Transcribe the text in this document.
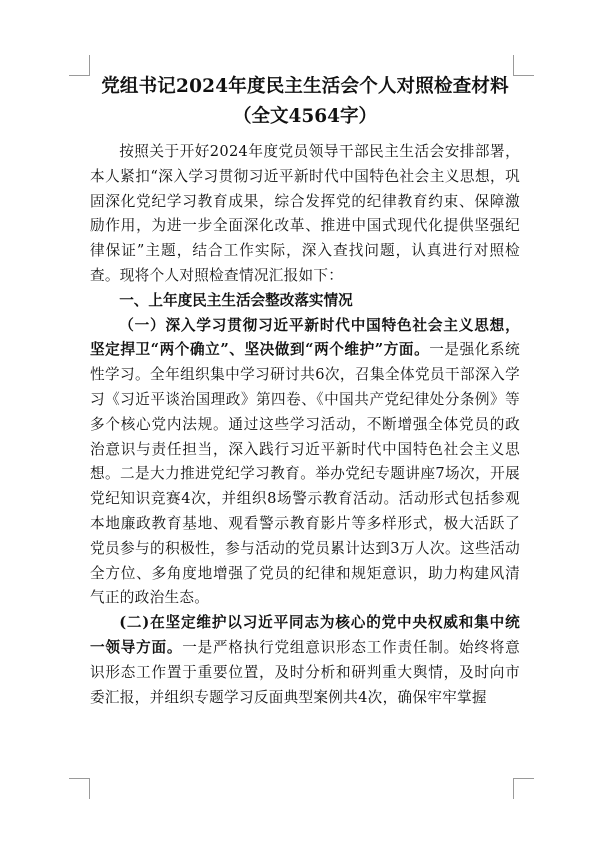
党组书记2024年度民主生活会个人对照检查材料

（全文4564字）

按照关于开好2024年度党员领导干部民主生活会安排部署，本人紧扣“深入学习贯彻习近平新时代中国特色社会主义思想，巩固深化党纪学习教育成果，综合发挥党的纪律教育约束、保障激励作用，为进一步全面深化改革、推进中国式现代化提供坚强纪律保证”主题，结合工作实际，深入查找问题，认真进行对照检查。现将个人对照检查情况汇报如下：

一、上年度民主生活会整改落实情况

（一）深入学习贯彻习近平新时代中国特色社会主义思想，坚定捍卫“两个确立”、坚决做到“两个维护”方面。一是强化系统性学习。全年组织集中学习研讨共6次，召集全体党员干部深入学习《习近平谈治国理政》第四卷、《中国共产党纪律处分条例》等多个核心党内法规。通过这些学习活动，不断增强全体党员的政治意识与责任担当，深入践行习近平新时代中国特色社会主义思想。二是大力推进党纪学习教育。举办党纪专题讲座7场次，开展党纪知识竞赛4次，并组织8场警示教育活动。活动形式包括参观本地廉政教育基地、观看警示教育影片等多样形式，极大活跃了党员参与的积极性，参与活动的党员累计达到3万人次。这些活动全方位、多角度地增强了党员的纪律和规矩意识，助力构建风清气正的政治生态。

(二)在坚定维护以习近平同志为核心的党中央权威和集中统一领导方面。一是严格执行党组意识形态工作责任制。始终将意识形态工作置于重要位置，及时分析和研判重大舆情，及时向市委汇报，并组织专题学习反面典型案例共4次，确保牢牢掌握
